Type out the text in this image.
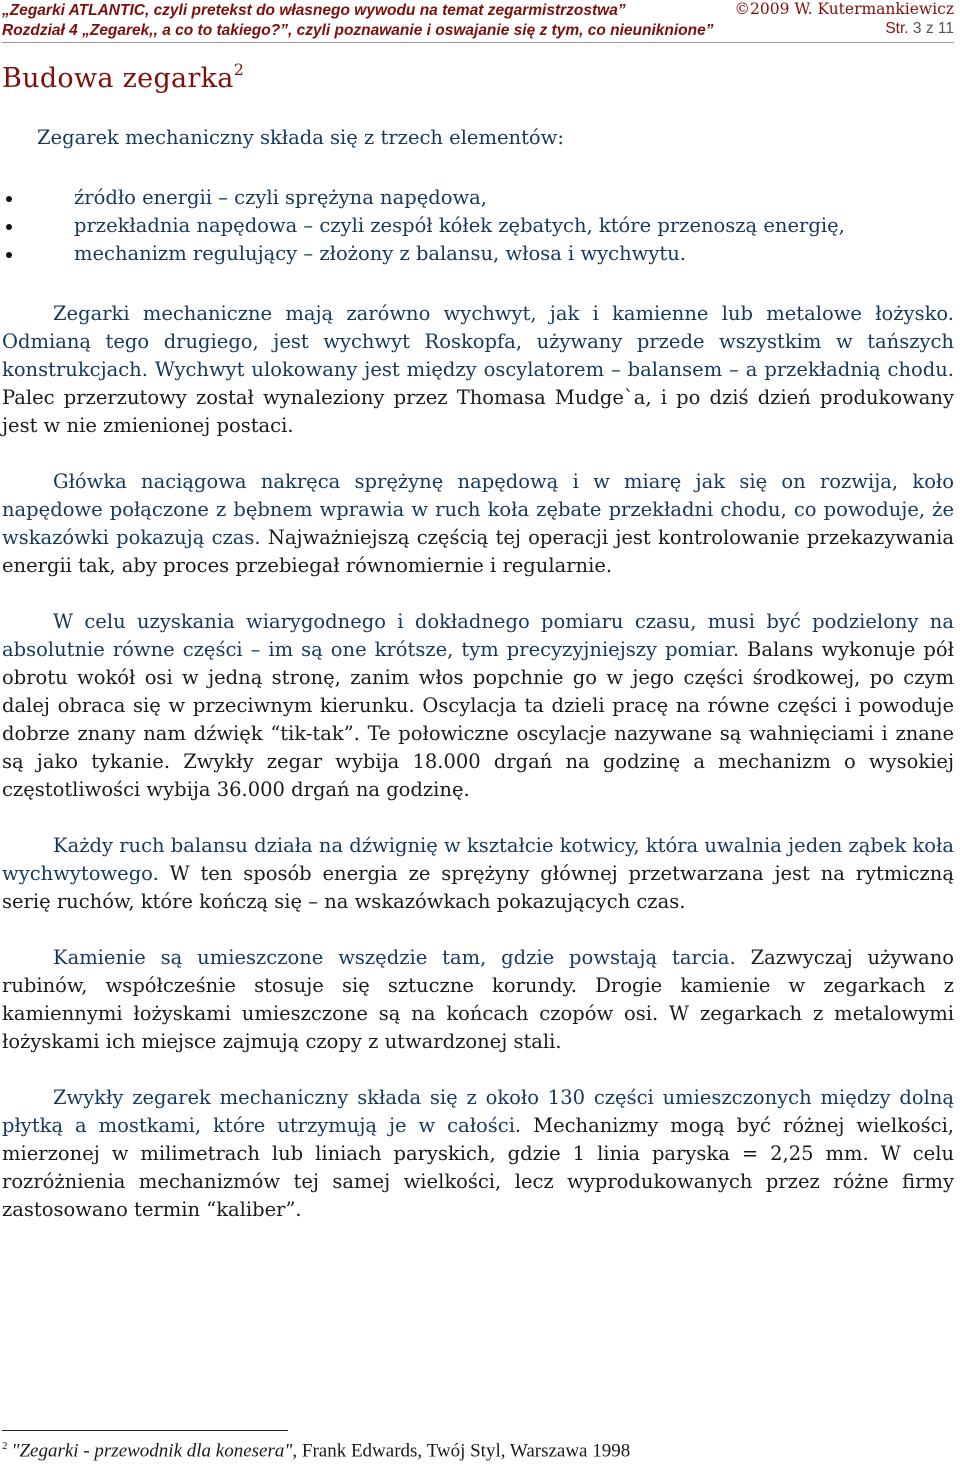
„Zegarki ATLANTIC, czyli pretekst do własnego wywodu na temat zegarmistrzostwa”	©2009 W. Kutermankiewicz
Rozdział 4 „Zegarek,, a co to takiego?”, czyli poznawanie i oswajanie się z tym, co nieuniknione”	Str. 3 z 11
Budowa zegarka$^2$

Zegarek mechaniczny składa się z trzech elementów:

źródło energii – czyli sprężyna napędowa,
przekładnia napędowa – czyli zespół kółek zębatych, które przenoszą energię,
mechanizm regulujący – złożony z balansu, włosa i wychwytu.

Zegarki mechaniczne mają zarówno wychwyt, jak i kamienne lub metalowe łożysko. Odmianą tego drugiego, jest wychwyt Roskopfa, używany przede wszystkim w tańszych konstrukcjach. Wychwyt ulokowany jest między oscylatorem – balansem – a przekładnią chodu. Palec przerzutowy został wynaleziony przez Thomasa Mudge`a, i po dziś dzień produkowany jest w nie zmienionej postaci.

Główka naciągowa nakręca sprężynę napędową i w miarę jak się on rozwija, koło napędowe połączone z bębnem wprawia w ruch koła zębate przekładni chodu, co powoduje, że wskazówki pokazują czas. Najważniejszą częścią tej operacji jest kontrolowanie przekazywania energii tak, aby proces przebiegał równomiernie i regularnie.

W celu uzyskania wiarygodnego i dokładnego pomiaru czasu, musi być podzielony na absolutnie równe części – im są one krótsze, tym precyzyjniejszy pomiar. Balans wykonuje pół obrotu wokół osi w jedną stronę, zanim włos popchnie go w jego części środkowej, po czym dalej obraca się w przeciwnym kierunku. Oscylacja ta dzieli pracę na równe części i powoduje dobrze znany nam dźwięk “tik-tak”. Te połowiczne oscylacje nazywane są wahnięciami i znane są jako tykanie. Zwykły zegar wybija 18.000 drgań na godzinę a mechanizm o wysokiej częstotliwości wybija 36.000 drgań na godzinę.

Każdy ruch balansu działa na dźwignię w kształcie kotwicy, która uwalnia jeden ząbek koła wychwytowego. W ten sposób energia ze sprężyny głównej przetwarzana jest na rytmiczną serię ruchów, które kończą się – na wskazówkach pokazujących czas.

Kamienie są umieszczone wszędzie tam, gdzie powstają tarcia. Zazwyczaj używano rubinów, współcześnie stosuje się sztuczne korundy. Drogie kamienie w zegarkach z kamiennymi łożyskami umieszczone są na końcach czopów osi. W zegarkach z metalowymi łożyskami ich miejsce zajmują czopy z utwardzonej stali.

Zwykły zegarek mechaniczny składa się z około 130 części umieszczonych między dolną płytką a mostkami, które utrzymują je w całości. Mechanizmy mogą być różnej wielkości, mierzonej w milimetrach lub liniach paryskich, gdzie 1 linia paryska = 2,25 mm. W celu rozróżnienia mechanizmów tej samej wielkości, lecz wyprodukowanych przez różne firmy zastosowano termin “kaliber”.

$^2$ "Zegarki - przewodnik dla konesera", Frank Edwards, Twój Styl, Warszawa 1998
